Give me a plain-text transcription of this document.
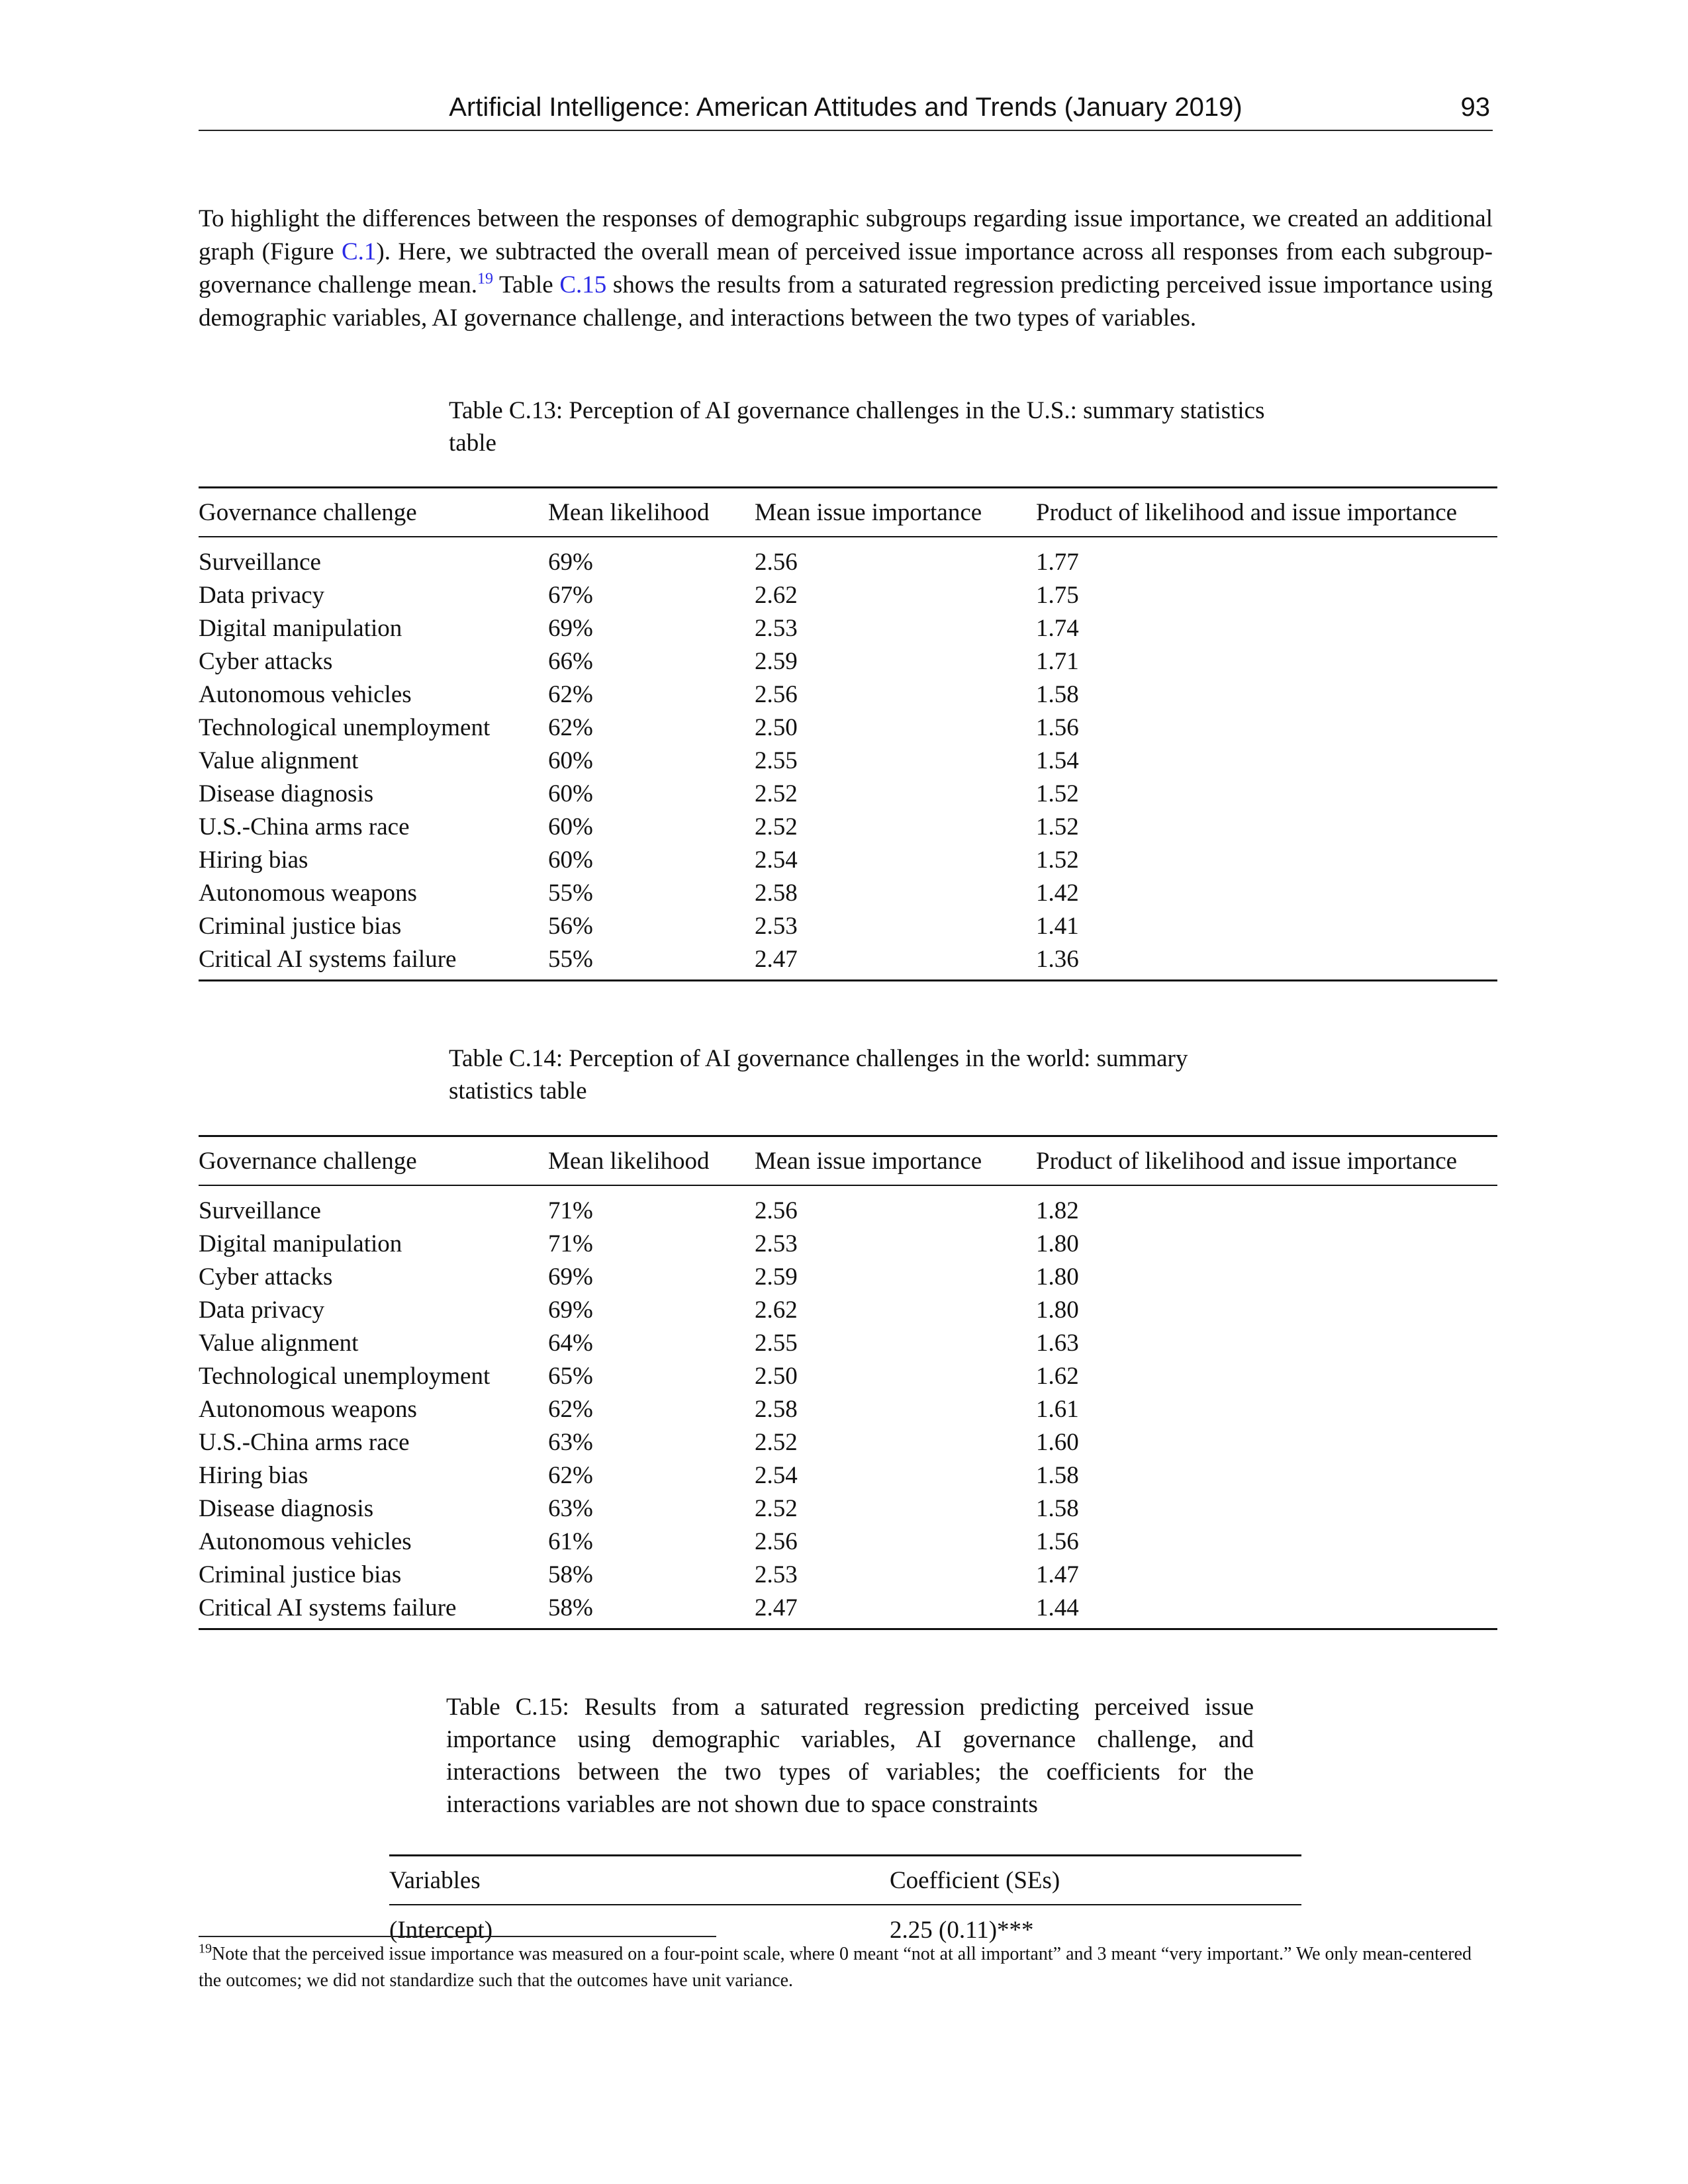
Artificial Intelligence: American Attitudes and Trends (January 2019)	93
To highlight the differences between the responses of demographic subgroups regarding issue importance, we created an additional graph (Figure C.1). Here, we subtracted the overall mean of perceived issue importance across all responses from each subgroup-governance challenge mean.$^{19}$ Table C.15 shows the results from a saturated regression predicting perceived issue importance using demographic variables, AI governance challenge, and interactions between the two types of variables.
Table C.13: Perception of AI governance challenges in the U.S.: summary statistics table
Governance challenge	Mean likelihood	Mean issue importance	Product of likelihood and issue importance
Surveillance	69%	2.56	1.77
Data privacy	67%	2.62	1.75
Digital manipulation	69%	2.53	1.74
Cyber attacks	66%	2.59	1.71
Autonomous vehicles	62%	2.56	1.58
Technological unemployment	62%	2.50	1.56
Value alignment	60%	2.55	1.54
Disease diagnosis	60%	2.52	1.52
U.S.-China arms race	60%	2.52	1.52
Hiring bias	60%	2.54	1.52
Autonomous weapons	55%	2.58	1.42
Criminal justice bias	56%	2.53	1.41
Critical AI systems failure	55%	2.47	1.36
Table C.14: Perception of AI governance challenges in the world: summary statistics table
Governance challenge	Mean likelihood	Mean issue importance	Product of likelihood and issue importance
Surveillance	71%	2.56	1.82
Digital manipulation	71%	2.53	1.80
Cyber attacks	69%	2.59	1.80
Data privacy	69%	2.62	1.80
Value alignment	64%	2.55	1.63
Technological unemployment	65%	2.50	1.62
Autonomous weapons	62%	2.58	1.61
U.S.-China arms race	63%	2.52	1.60
Hiring bias	62%	2.54	1.58
Disease diagnosis	63%	2.52	1.58
Autonomous vehicles	61%	2.56	1.56
Criminal justice bias	58%	2.53	1.47
Critical AI systems failure	58%	2.47	1.44
Table C.15: Results from a saturated regression predicting perceived issue importance using demographic variables, AI governance challenge, and interactions between the two types of variables; the coefficients for the interactions variables are not shown due to space constraints
Variables	Coefficient (SEs)
(Intercept)	2.25 (0.11)***
$^{19}$Note that the perceived issue importance was measured on a four-point scale, where 0 meant “not at all important” and 3 meant “very important.” We only mean-centered the outcomes; we did not standardize such that the outcomes have unit variance.
